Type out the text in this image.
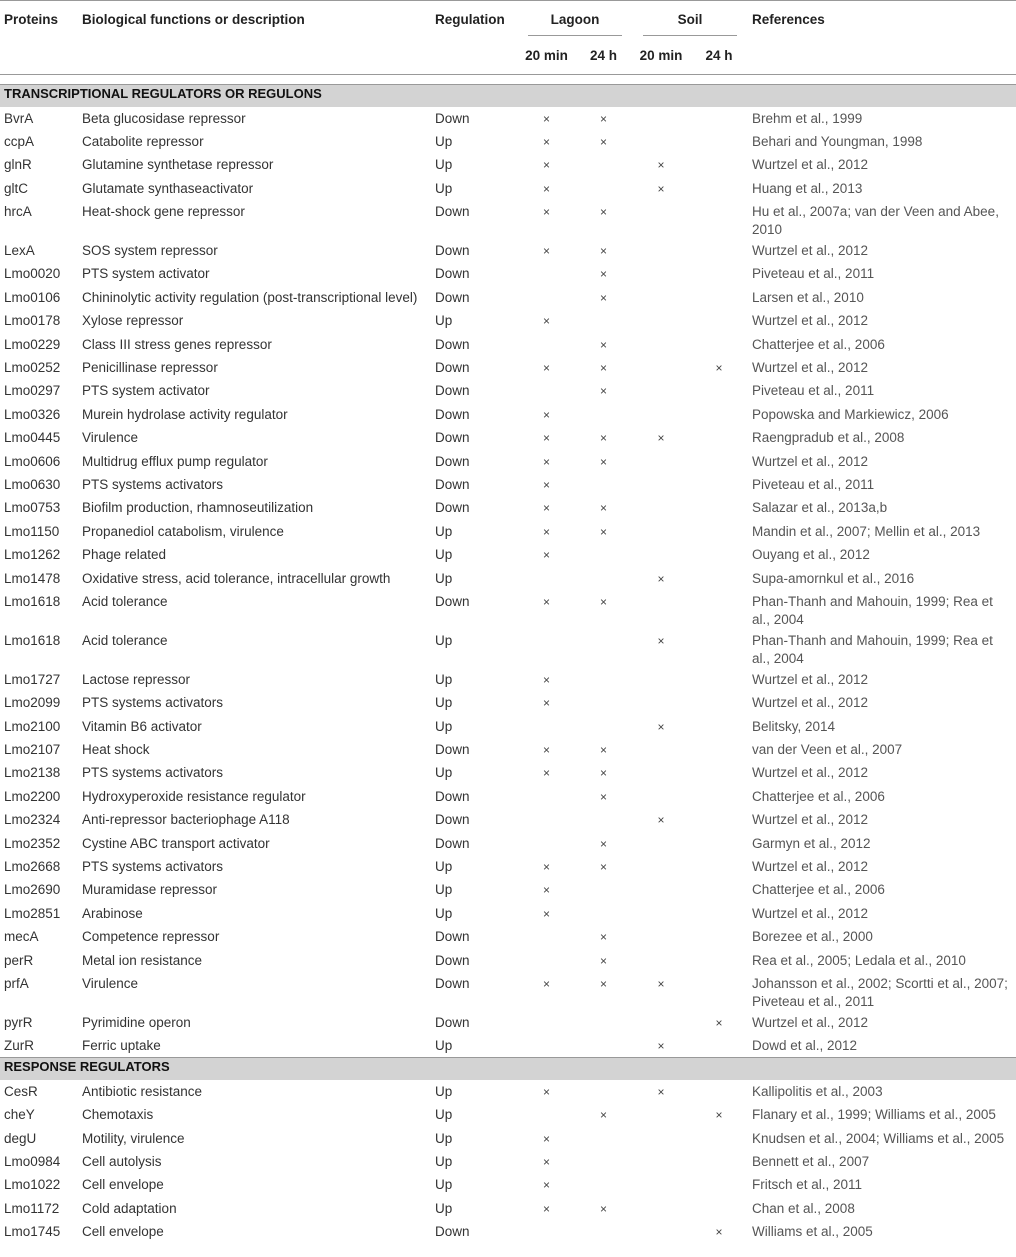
Proteins	Biological functions or description	Regulation	Lagoon		Soil		References
			20 min	24 h	20 min	24 h	

TRANSCRIPTIONAL REGULATORS OR REGULONS							
BvrA	Beta glucosidase repressor	Down	×	×			Brehm et al., 1999
ccpA	Catabolite repressor	Up	×	×			Behari and Youngman, 1998
glnR	Glutamine synthetase repressor	Up	×		×		Wurtzel et al., 2012
gltC	Glutamate synthaseactivator	Up	×		×		Huang et al., 2013
hrcA	Heat-shock gene repressor	Down	×	×			Hu et al., 2007a; van der Veen and Abee, 2010
LexA	SOS system repressor	Down	×	×			Wurtzel et al., 2012
Lmo0020	PTS system activator	Down		×			Piveteau et al., 2011
Lmo0106	Chininolytic activity regulation (post-transcriptional level)	Down		×			Larsen et al., 2010
Lmo0178	Xylose repressor	Up	×				Wurtzel et al., 2012
Lmo0229	Class III stress genes repressor	Down		×			Chatterjee et al., 2006
Lmo0252	Penicillinase repressor	Down	×	×		×	Wurtzel et al., 2012
Lmo0297	PTS system activator	Down		×			Piveteau et al., 2011
Lmo0326	Murein hydrolase activity regulator	Down	×				Popowska and Markiewicz, 2006
Lmo0445	Virulence	Down	×	×	×		Raengpradub et al., 2008
Lmo0606	Multidrug efflux pump regulator	Down	×	×			Wurtzel et al., 2012
Lmo0630	PTS systems activators	Down	×				Piveteau et al., 2011
Lmo0753	Biofilm production, rhamnoseutilization	Down	×	×			Salazar et al., 2013a,b
Lmo1150	Propanediol catabolism, virulence	Up	×	×			Mandin et al., 2007; Mellin et al., 2013
Lmo1262	Phage related	Up	×				Ouyang et al., 2012
Lmo1478	Oxidative stress, acid tolerance, intracellular growth	Up			×		Supa-amornkul et al., 2016
Lmo1618	Acid tolerance	Down	×	×			Phan-Thanh and Mahouin, 1999; Rea et al., 2004
Lmo1618	Acid tolerance	Up			×		Phan-Thanh and Mahouin, 1999; Rea et al., 2004
Lmo1727	Lactose repressor	Up	×				Wurtzel et al., 2012
Lmo2099	PTS systems activators	Up	×				Wurtzel et al., 2012
Lmo2100	Vitamin B6 activator	Up			×		Belitsky, 2014
Lmo2107	Heat shock	Down	×	×			van der Veen et al., 2007
Lmo2138	PTS systems activators	Up	×	×			Wurtzel et al., 2012
Lmo2200	Hydroxyperoxide resistance regulator	Down		×			Chatterjee et al., 2006
Lmo2324	Anti-repressor bacteriophage A118	Down			×		Wurtzel et al., 2012
Lmo2352	Cystine ABC transport activator	Down		×			Garmyn et al., 2012
Lmo2668	PTS systems activators	Up	×	×			Wurtzel et al., 2012
Lmo2690	Muramidase repressor	Up	×				Chatterjee et al., 2006
Lmo2851	Arabinose	Up	×				Wurtzel et al., 2012
mecA	Competence repressor	Down		×			Borezee et al., 2000
perR	Metal ion resistance	Down		×			Rea et al., 2005; Ledala et al., 2010
prfA	Virulence	Down	×	×	×		Johansson et al., 2002; Scortti et al., 2007; Piveteau et al., 2011
pyrR	Pyrimidine operon	Down				×	Wurtzel et al., 2012
ZurR	Ferric uptake	Up			×		Dowd et al., 2012
RESPONSE REGULATORS							
CesR	Antibiotic resistance	Up	×		×		Kallipolitis et al., 2003
cheY	Chemotaxis	Up		×		×	Flanary et al., 1999; Williams et al., 2005
degU	Motility, virulence	Up	×				Knudsen et al., 2004; Williams et al., 2005
Lmo0984	Cell autolysis	Up	×				Bennett et al., 2007
Lmo1022	Cell envelope	Up	×				Fritsch et al., 2011
Lmo1172	Cold adaptation	Up	×	×			Chan et al., 2008
Lmo1745	Cell envelope	Down				×	Williams et al., 2005
